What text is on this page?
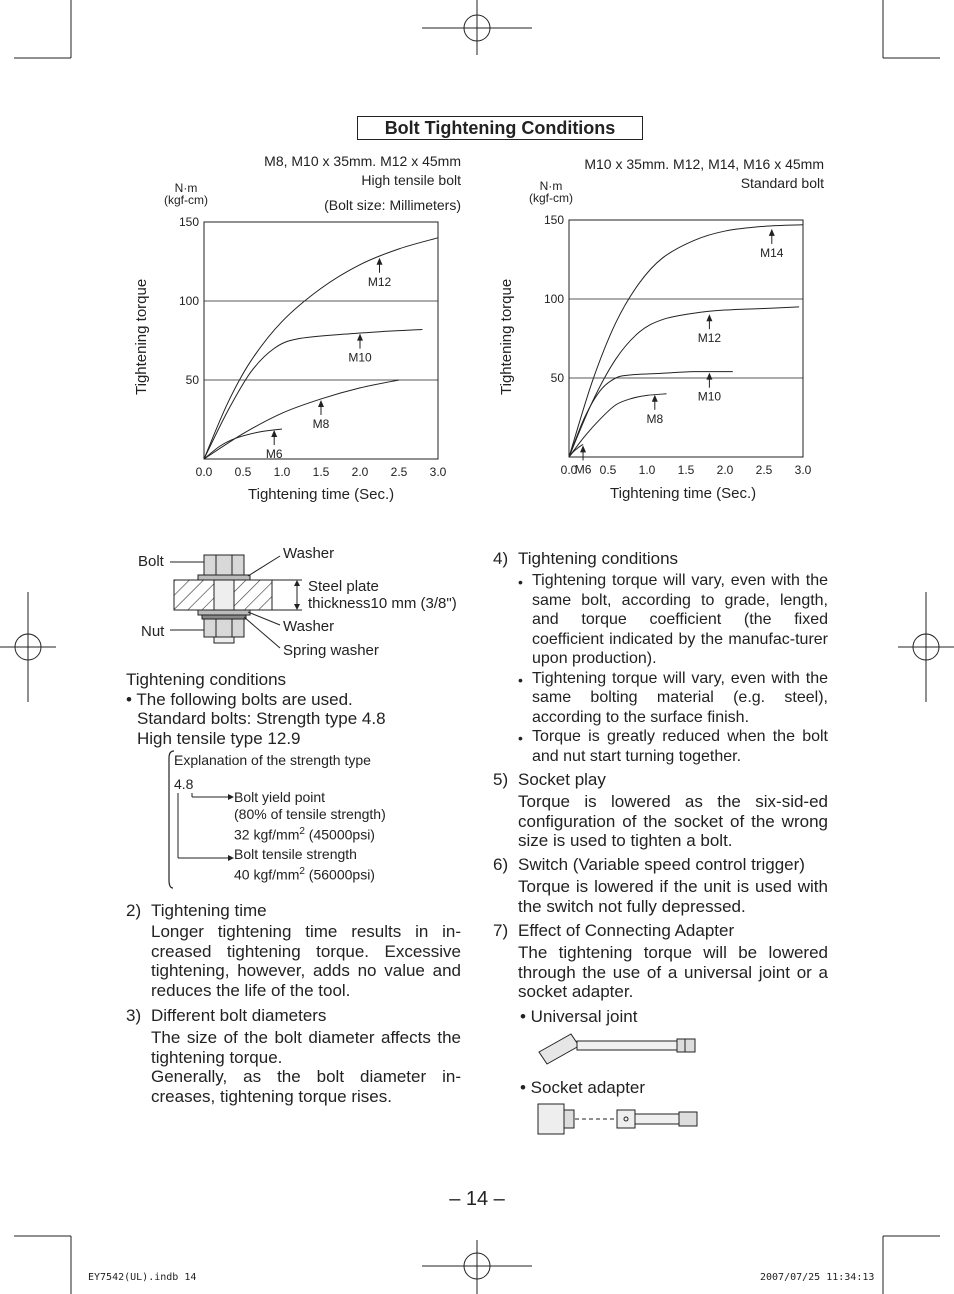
Bolt Tightening Conditions
M8, M10 x 35mm. M12 x 45mm
High tensile bolt
(Bolt size: Millimeters)
N·m
(kgf-cm)
Tightening torque	50
100
150
0.0 0.5 1.0 1.5 2.0 2.5 3.0
M12
M10
M8
M6
Tightening time (Sec.)
M10 x 35mm. M12, M14, M16 x 45mm
Standard bolt
N·m
(kgf-cm)
Tightening torque	50
100
150
0.0 0.5 1.0 1.5 2.0 2.5 3.0
M14
M12
M10
M8
M6
Tightening time (Sec.)
Bolt	Washer
Steel plate
thickness10 mm (3/8")
Nut	Washer
Spring washer
Tightening conditions
• The following bolts are used.
Standard bolts: Strength type 4.8
High tensile type 12.9
Explanation of the strength type
4.8
Bolt yield point
(80% of tensile strength)
32 kgf/$mm^2$ (45000psi)
Bolt tensile strength
40 kgf/$mm^2$ (56000psi)
2) Tightening time
Longer tightening time results in in-creased tightening torque. Excessive tightening, however, adds no value and reduces the life of the tool.
3) Different bolt diameters
The size of the bolt diameter affects the tightening torque.
Generally, as the bolt diameter in-creases, tightening torque rises.
4) Tightening conditions
• Tightening torque will vary, even with the same bolt, according to grade, length, and torque coefficient (the fixed coefficient indicated by the manufac-turer upon production).
• Tightening torque will vary, even with the same bolting material (e.g. steel), according to the surface finish.
• Torque is greatly reduced when the bolt and nut start turning together.
5) Socket play
Torque is lowered as the six-sid-ed configuration of the socket of the wrong size is used to tighten a bolt.
6) Switch (Variable speed control trigger)
Torque is lowered if the unit is used with the switch not fully depressed.
7) Effect of Connecting Adapter
The tightening torque will be lowered through the use of a universal joint or a socket adapter.
• Universal joint
• Socket adapter
– 14 –
EY7542(UL).indb 14	2007/07/25 11:34:13
